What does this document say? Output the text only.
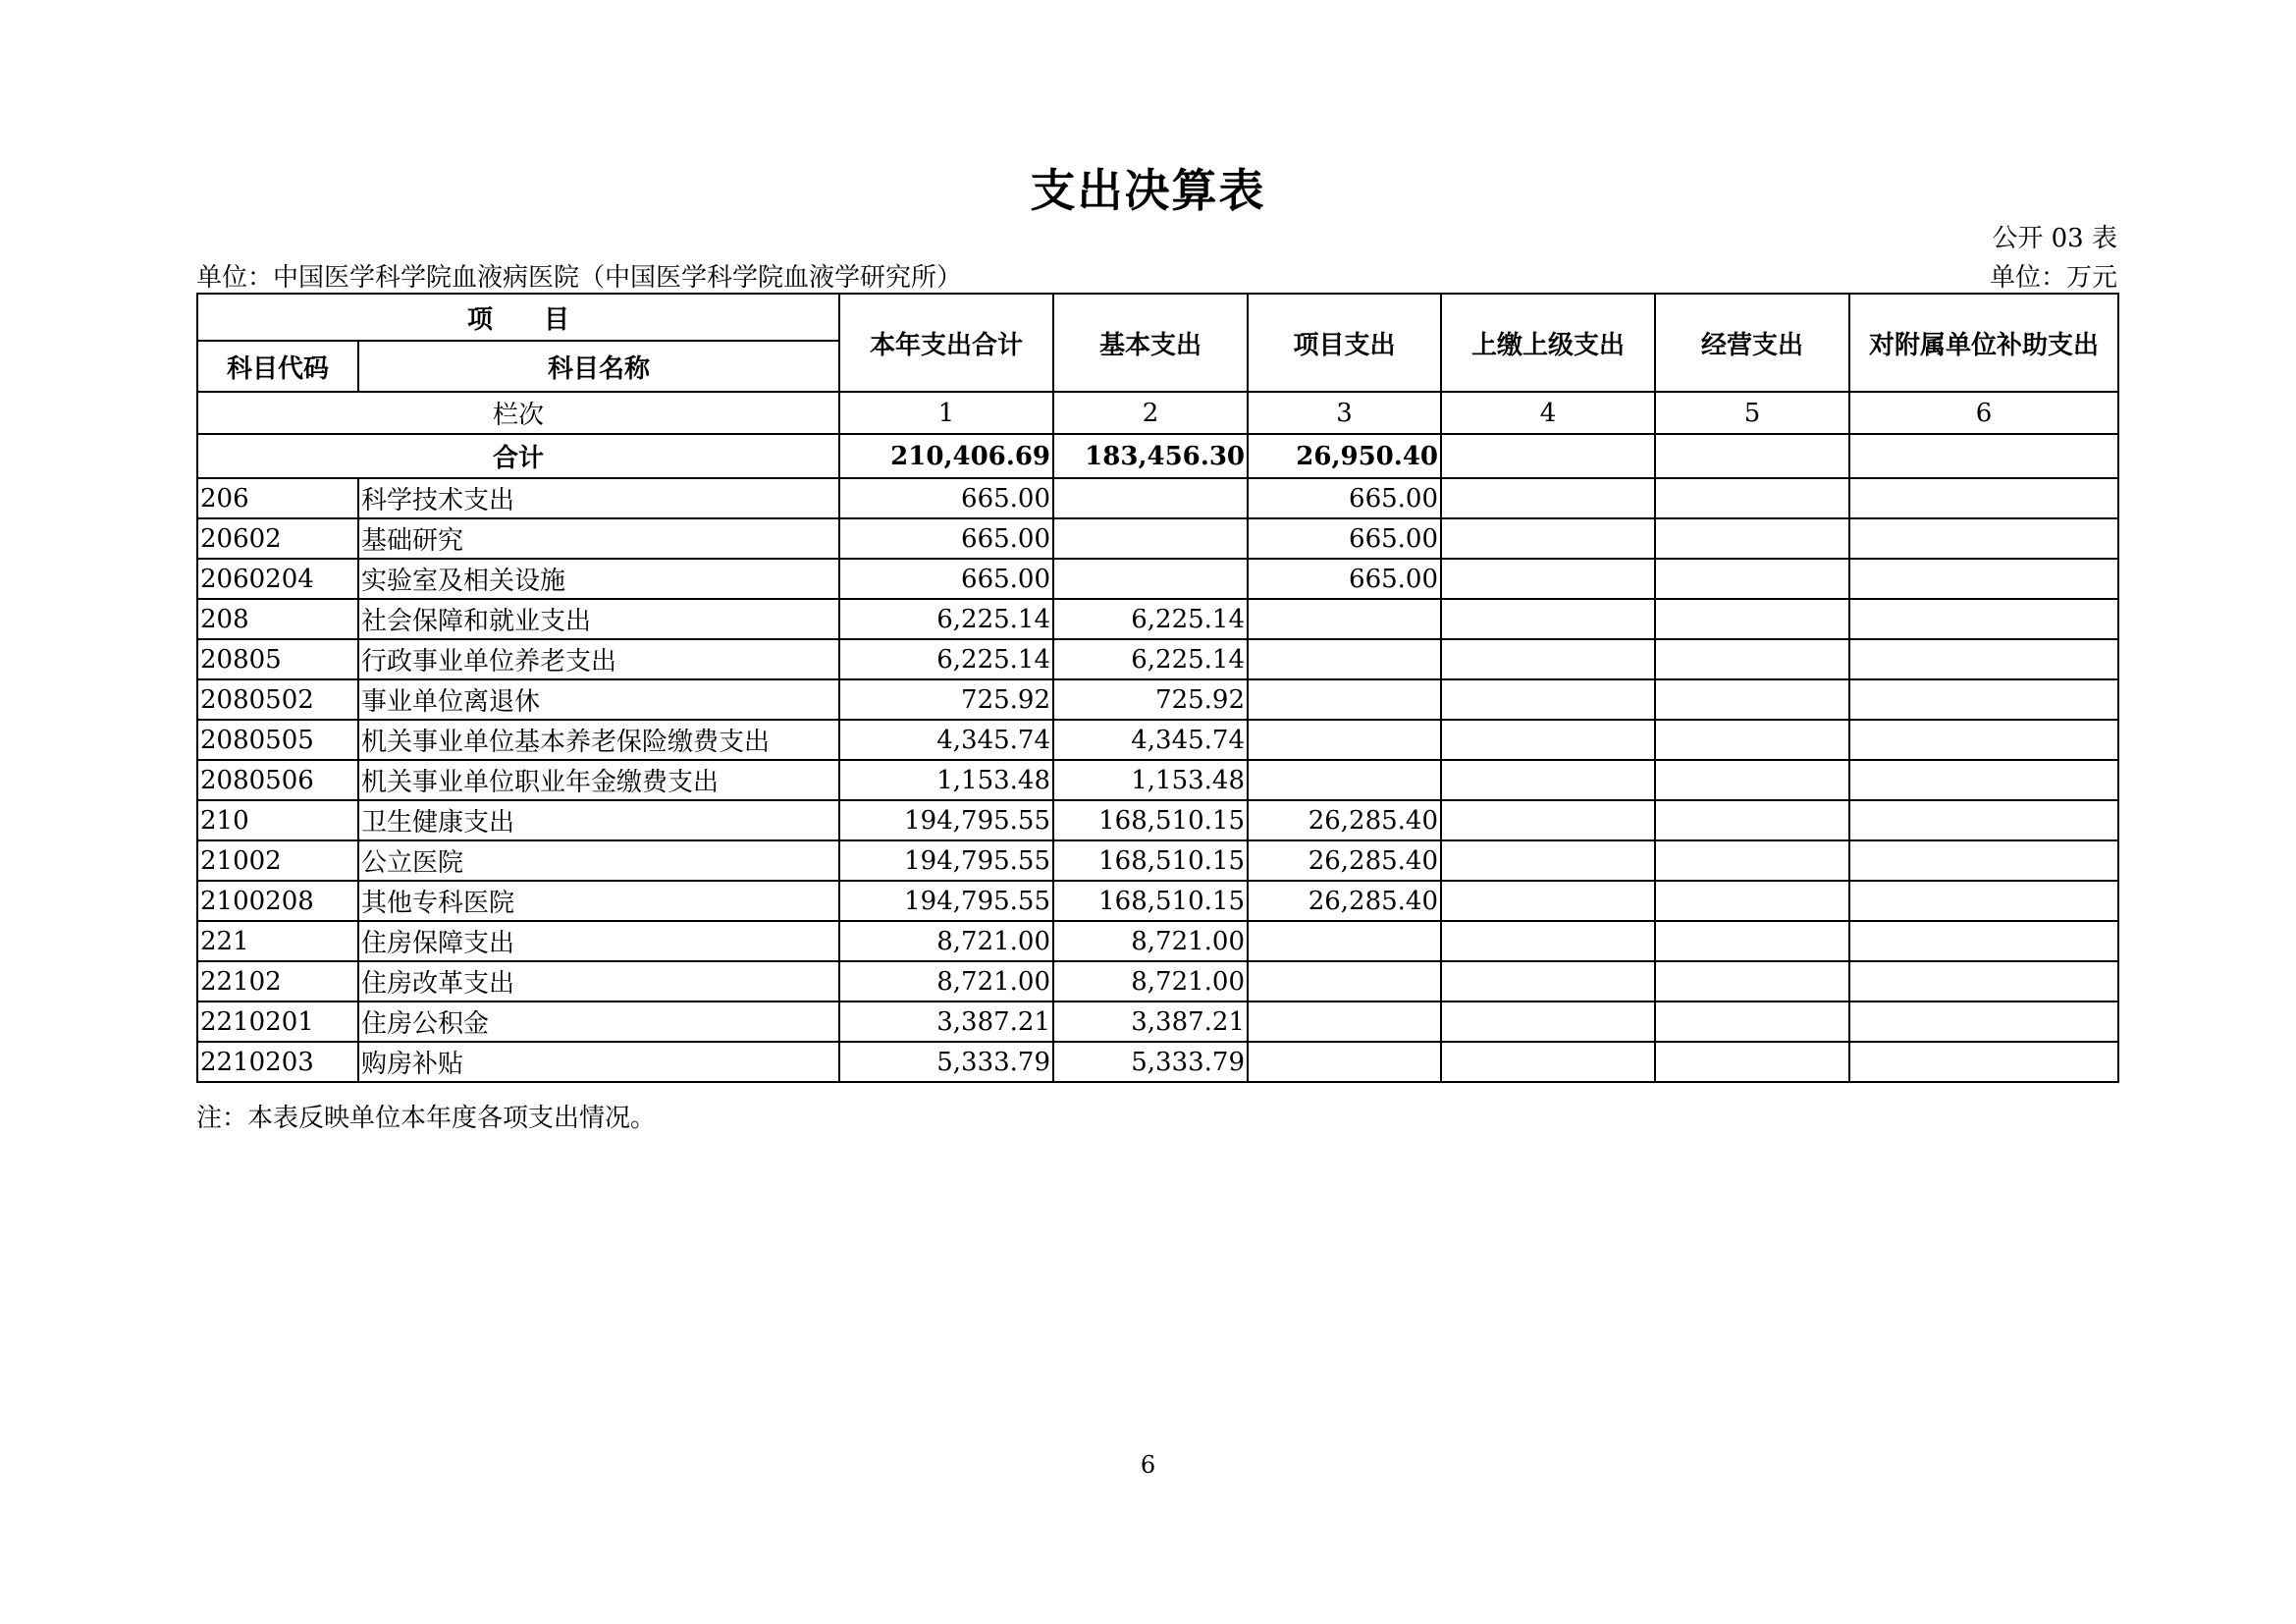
支出决算表
公开 03 表
单位：中国医学科学院血液病医院（中国医学科学院血液学研究所）	单位：万元
项　　目		本年支出合计	基本支出	项目支出	上缴上级支出	经营支出	对附属单位补助支出
科目代码	科目名称						
栏次		1	2	3	4	5	6
合计		210,406.69	183,456.30	26,950.40			
206	科学技术支出	665.00		665.00			
20602	基础研究	665.00		665.00			
2060204	实验室及相关设施	665.00		665.00			
208	社会保障和就业支出	6,225.14	6,225.14				
20805	行政事业单位养老支出	6,225.14	6,225.14				
2080502	事业单位离退休	725.92	725.92				
2080505	机关事业单位基本养老保险缴费支出	4,345.74	4,345.74				
2080506	机关事业单位职业年金缴费支出	1,153.48	1,153.48				
210	卫生健康支出	194,795.55	168,510.15	26,285.40			
21002	公立医院	194,795.55	168,510.15	26,285.40			
2100208	其他专科医院	194,795.55	168,510.15	26,285.40			
221	住房保障支出	8,721.00	8,721.00				
22102	住房改革支出	8,721.00	8,721.00				
2210201	住房公积金	3,387.21	3,387.21				
2210203	购房补贴	5,333.79	5,333.79				
注：本表反映单位本年度各项支出情况。
6
